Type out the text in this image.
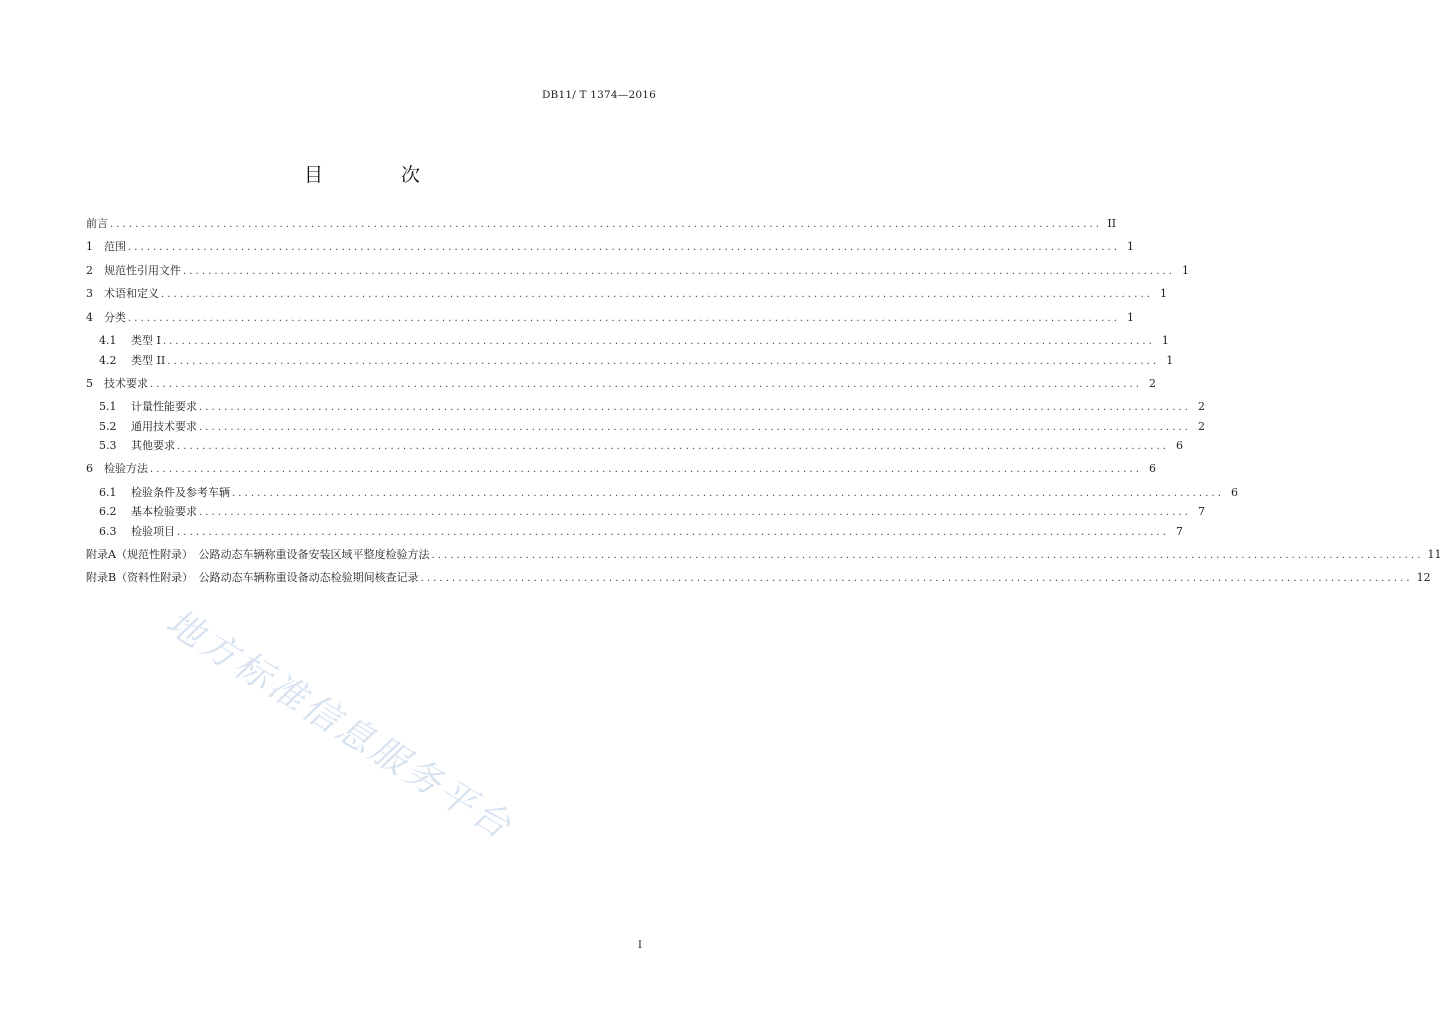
DB11/ T 1374—2016
目 次
前言 .............................................................................................................................................................. II
1	范围 .............................................................................................................................................................. 1
2	规范性引用文件 .............................................................................................................................................................. 1
3	术语和定义 .............................................................................................................................................................. 1
4	分类 .............................................................................................................................................................. 1
4.1	类型 I .............................................................................................................................................................. 1
4.2	类型 II .............................................................................................................................................................. 1
5	技术要求 .............................................................................................................................................................. 2
5.1	计量性能要求 .............................................................................................................................................................. 2
5.2	通用技术要求 .............................................................................................................................................................. 2
5.3	其他要求 .............................................................................................................................................................. 6
6	检验方法 .............................................................................................................................................................. 6
6.1	检验条件及参考车辆 .............................................................................................................................................................. 6
6.2	基本检验要求 .............................................................................................................................................................. 7
6.3	检验项目 .............................................................................................................................................................. 7
附录A（规范性附录） 公路动态车辆称重设备安装区域平整度检验方法 .............................................................................................................................................................. 11
附录B（资料性附录） 公路动态车辆称重设备动态检验期间核查记录 .............................................................................................................................................................. 12
地方标准信息服务平台
I
